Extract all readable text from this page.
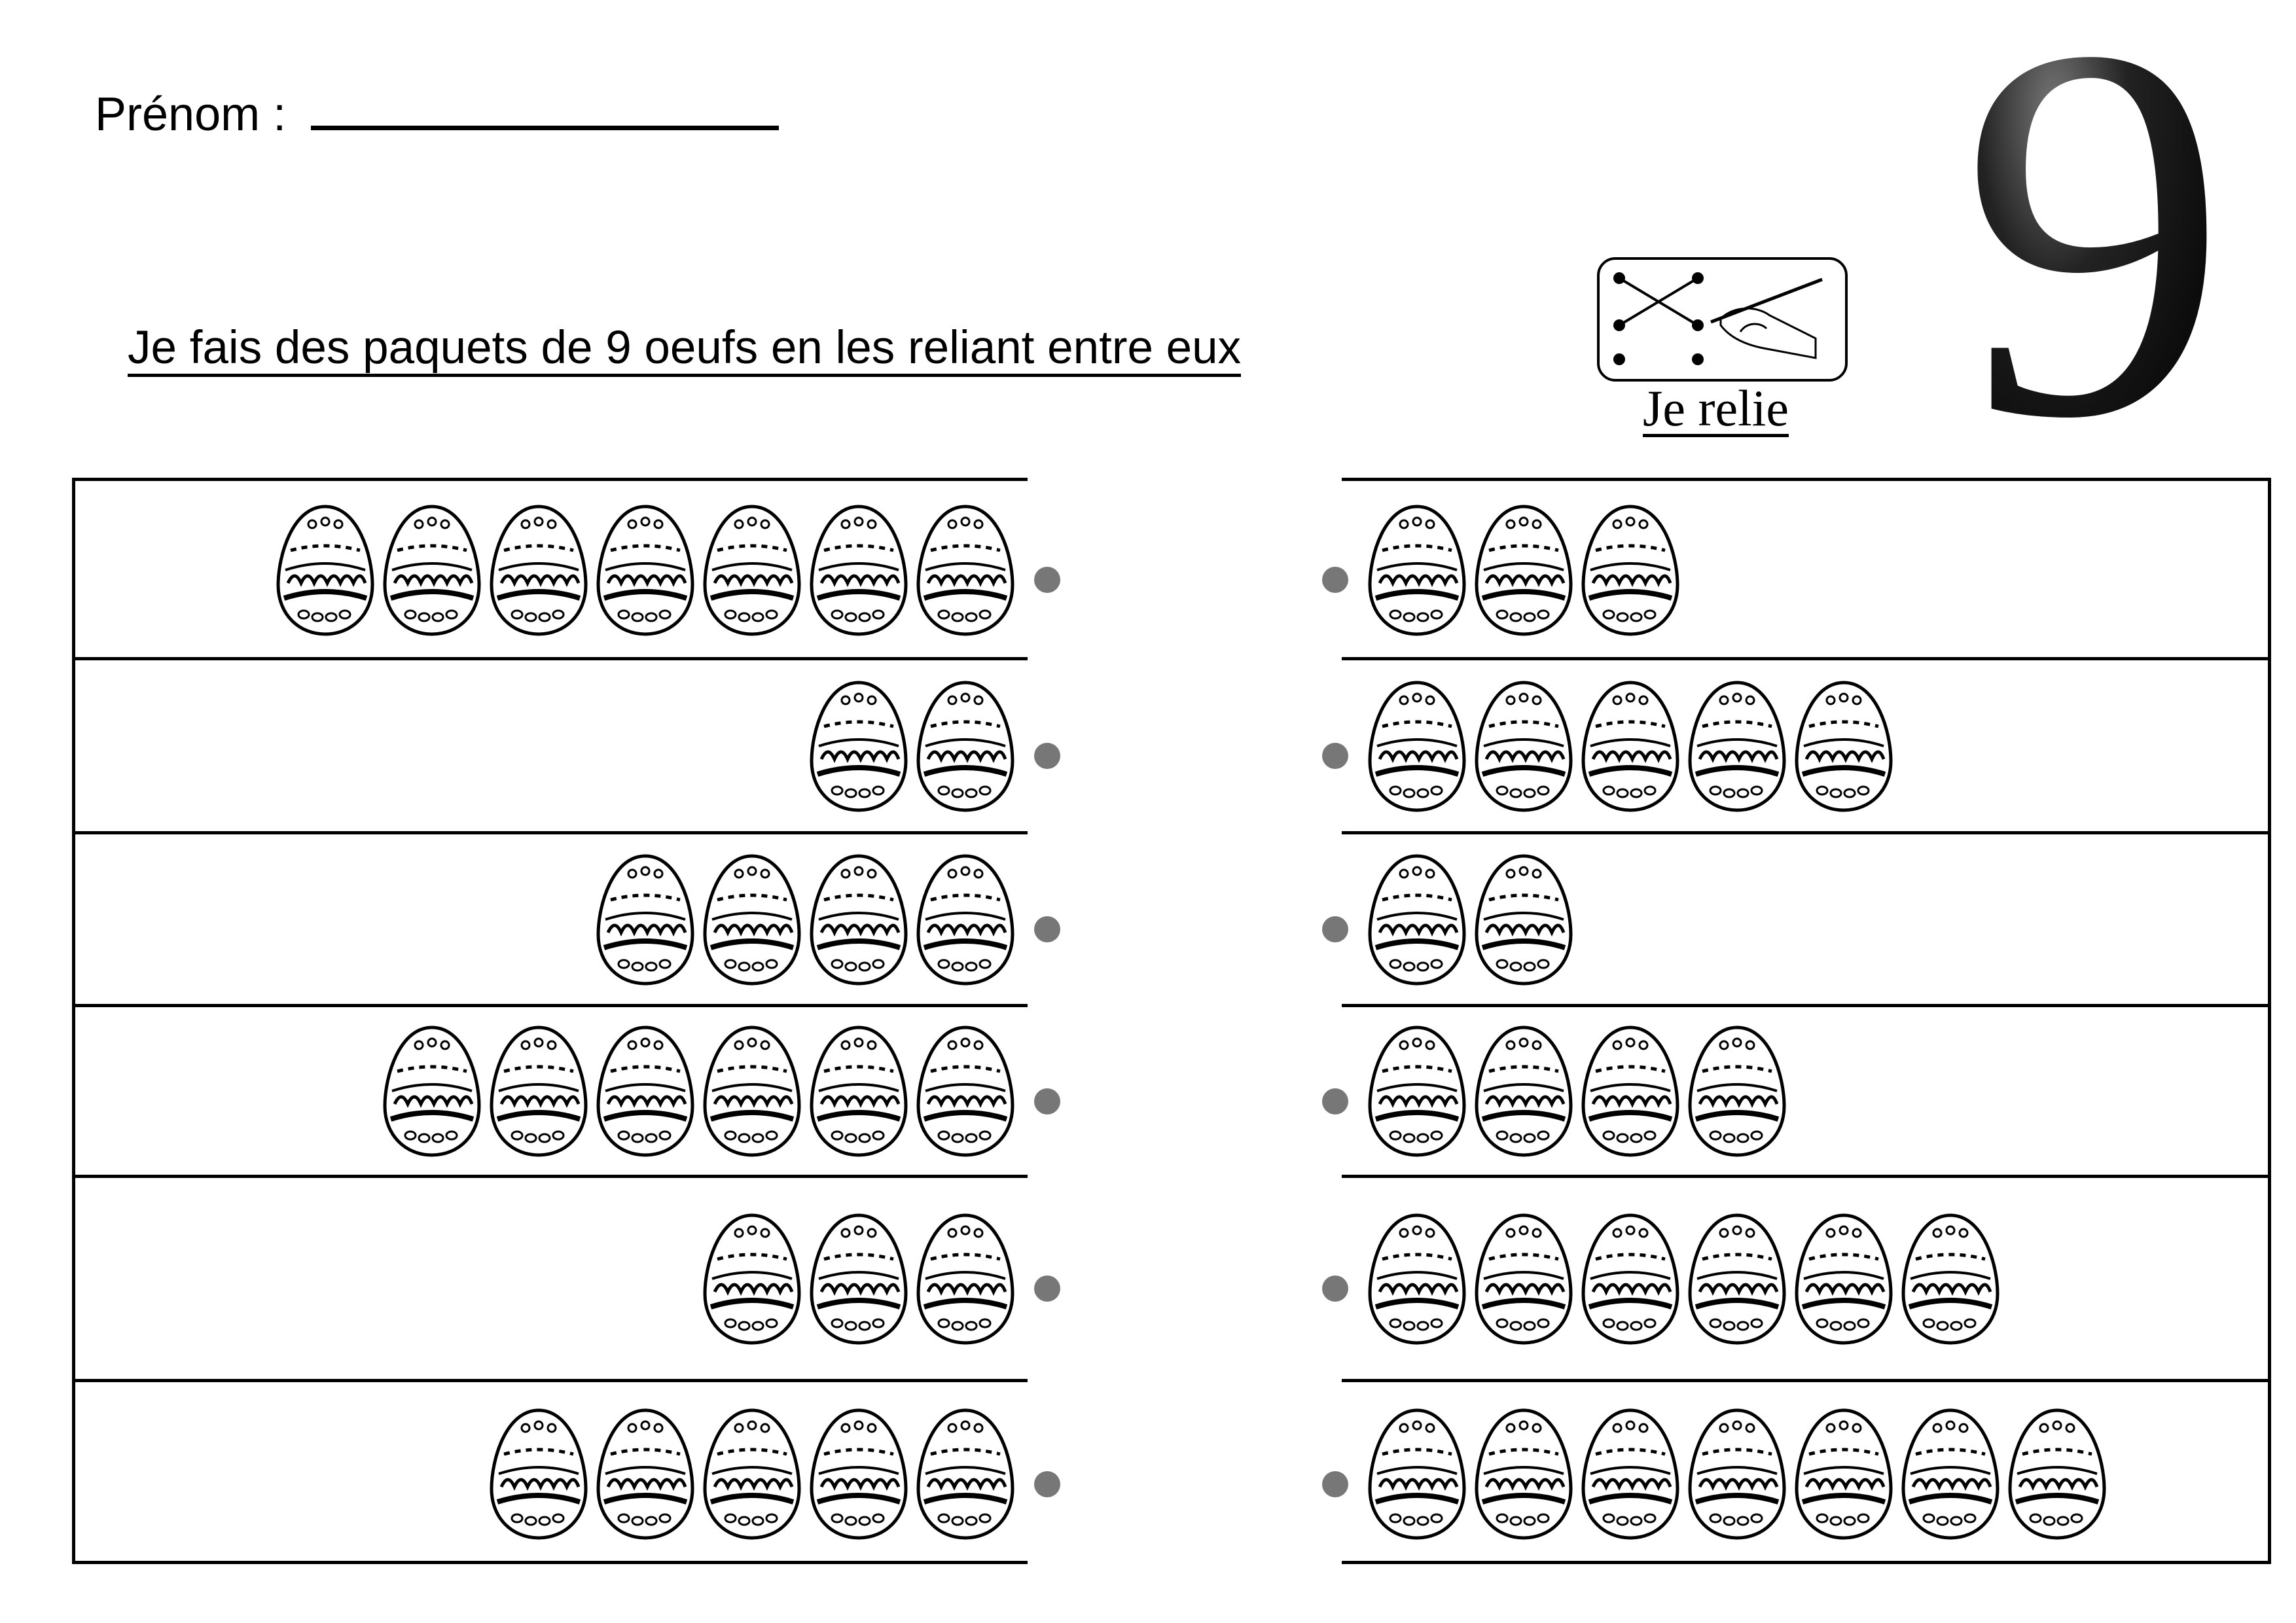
Prénom :
Je fais des paquets de 9 oeufs en les reliant entre eux
Je relie 9
